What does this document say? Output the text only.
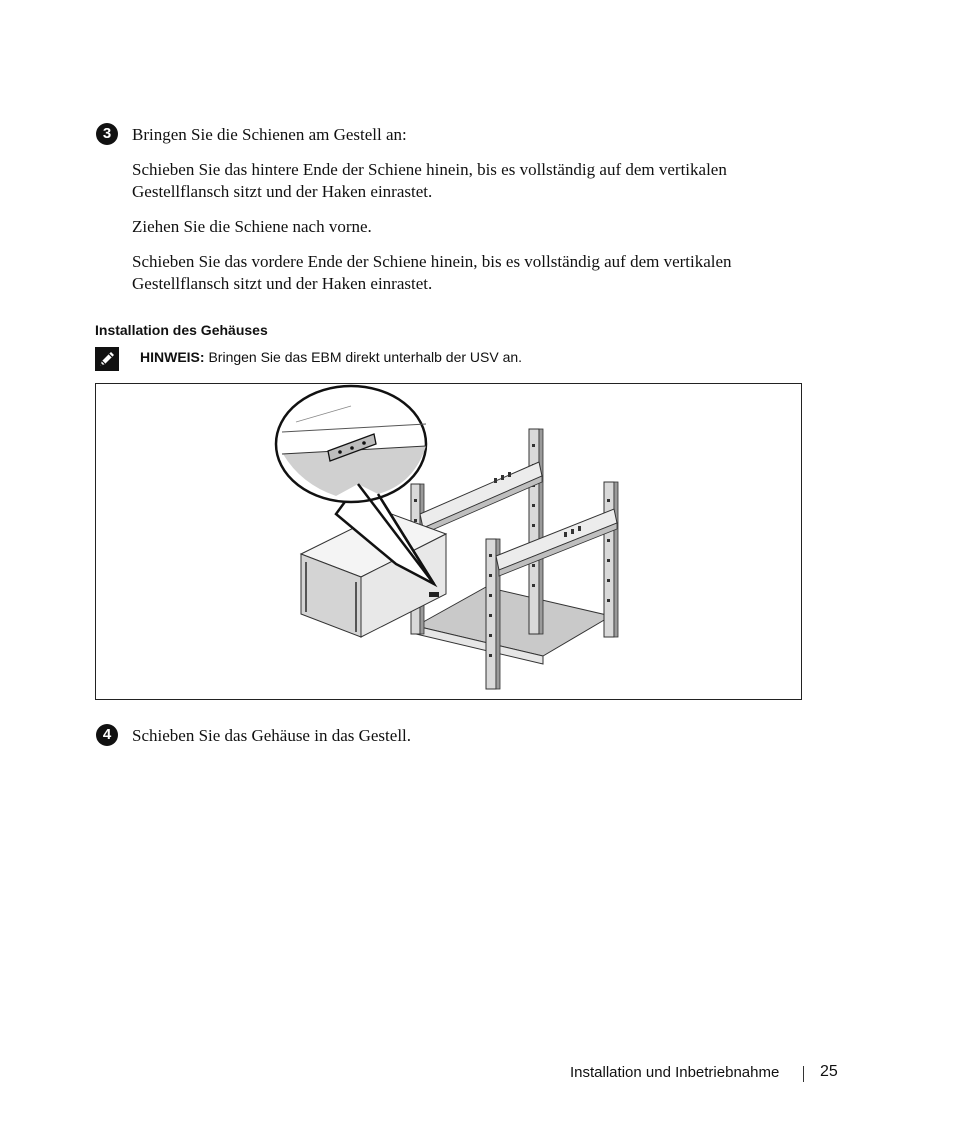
3	Bringen Sie die Schienen am Gestell an:
Schieben Sie das hintere Ende der Schiene hinein, bis es vollständig auf dem vertikalen Gestellflansch sitzt und der Haken einrastet.
Ziehen Sie die Schiene nach vorne.
Schieben Sie das vordere Ende der Schiene hinein, bis es vollständig auf dem vertikalen Gestellflansch sitzt und der Haken einrastet.
Installation des Gehäuses
HINWEIS: Bringen Sie das EBM direkt unterhalb der USV an.
4	Schieben Sie das Gehäuse in das Gestell.
Installation und Inbetriebnahme	25
